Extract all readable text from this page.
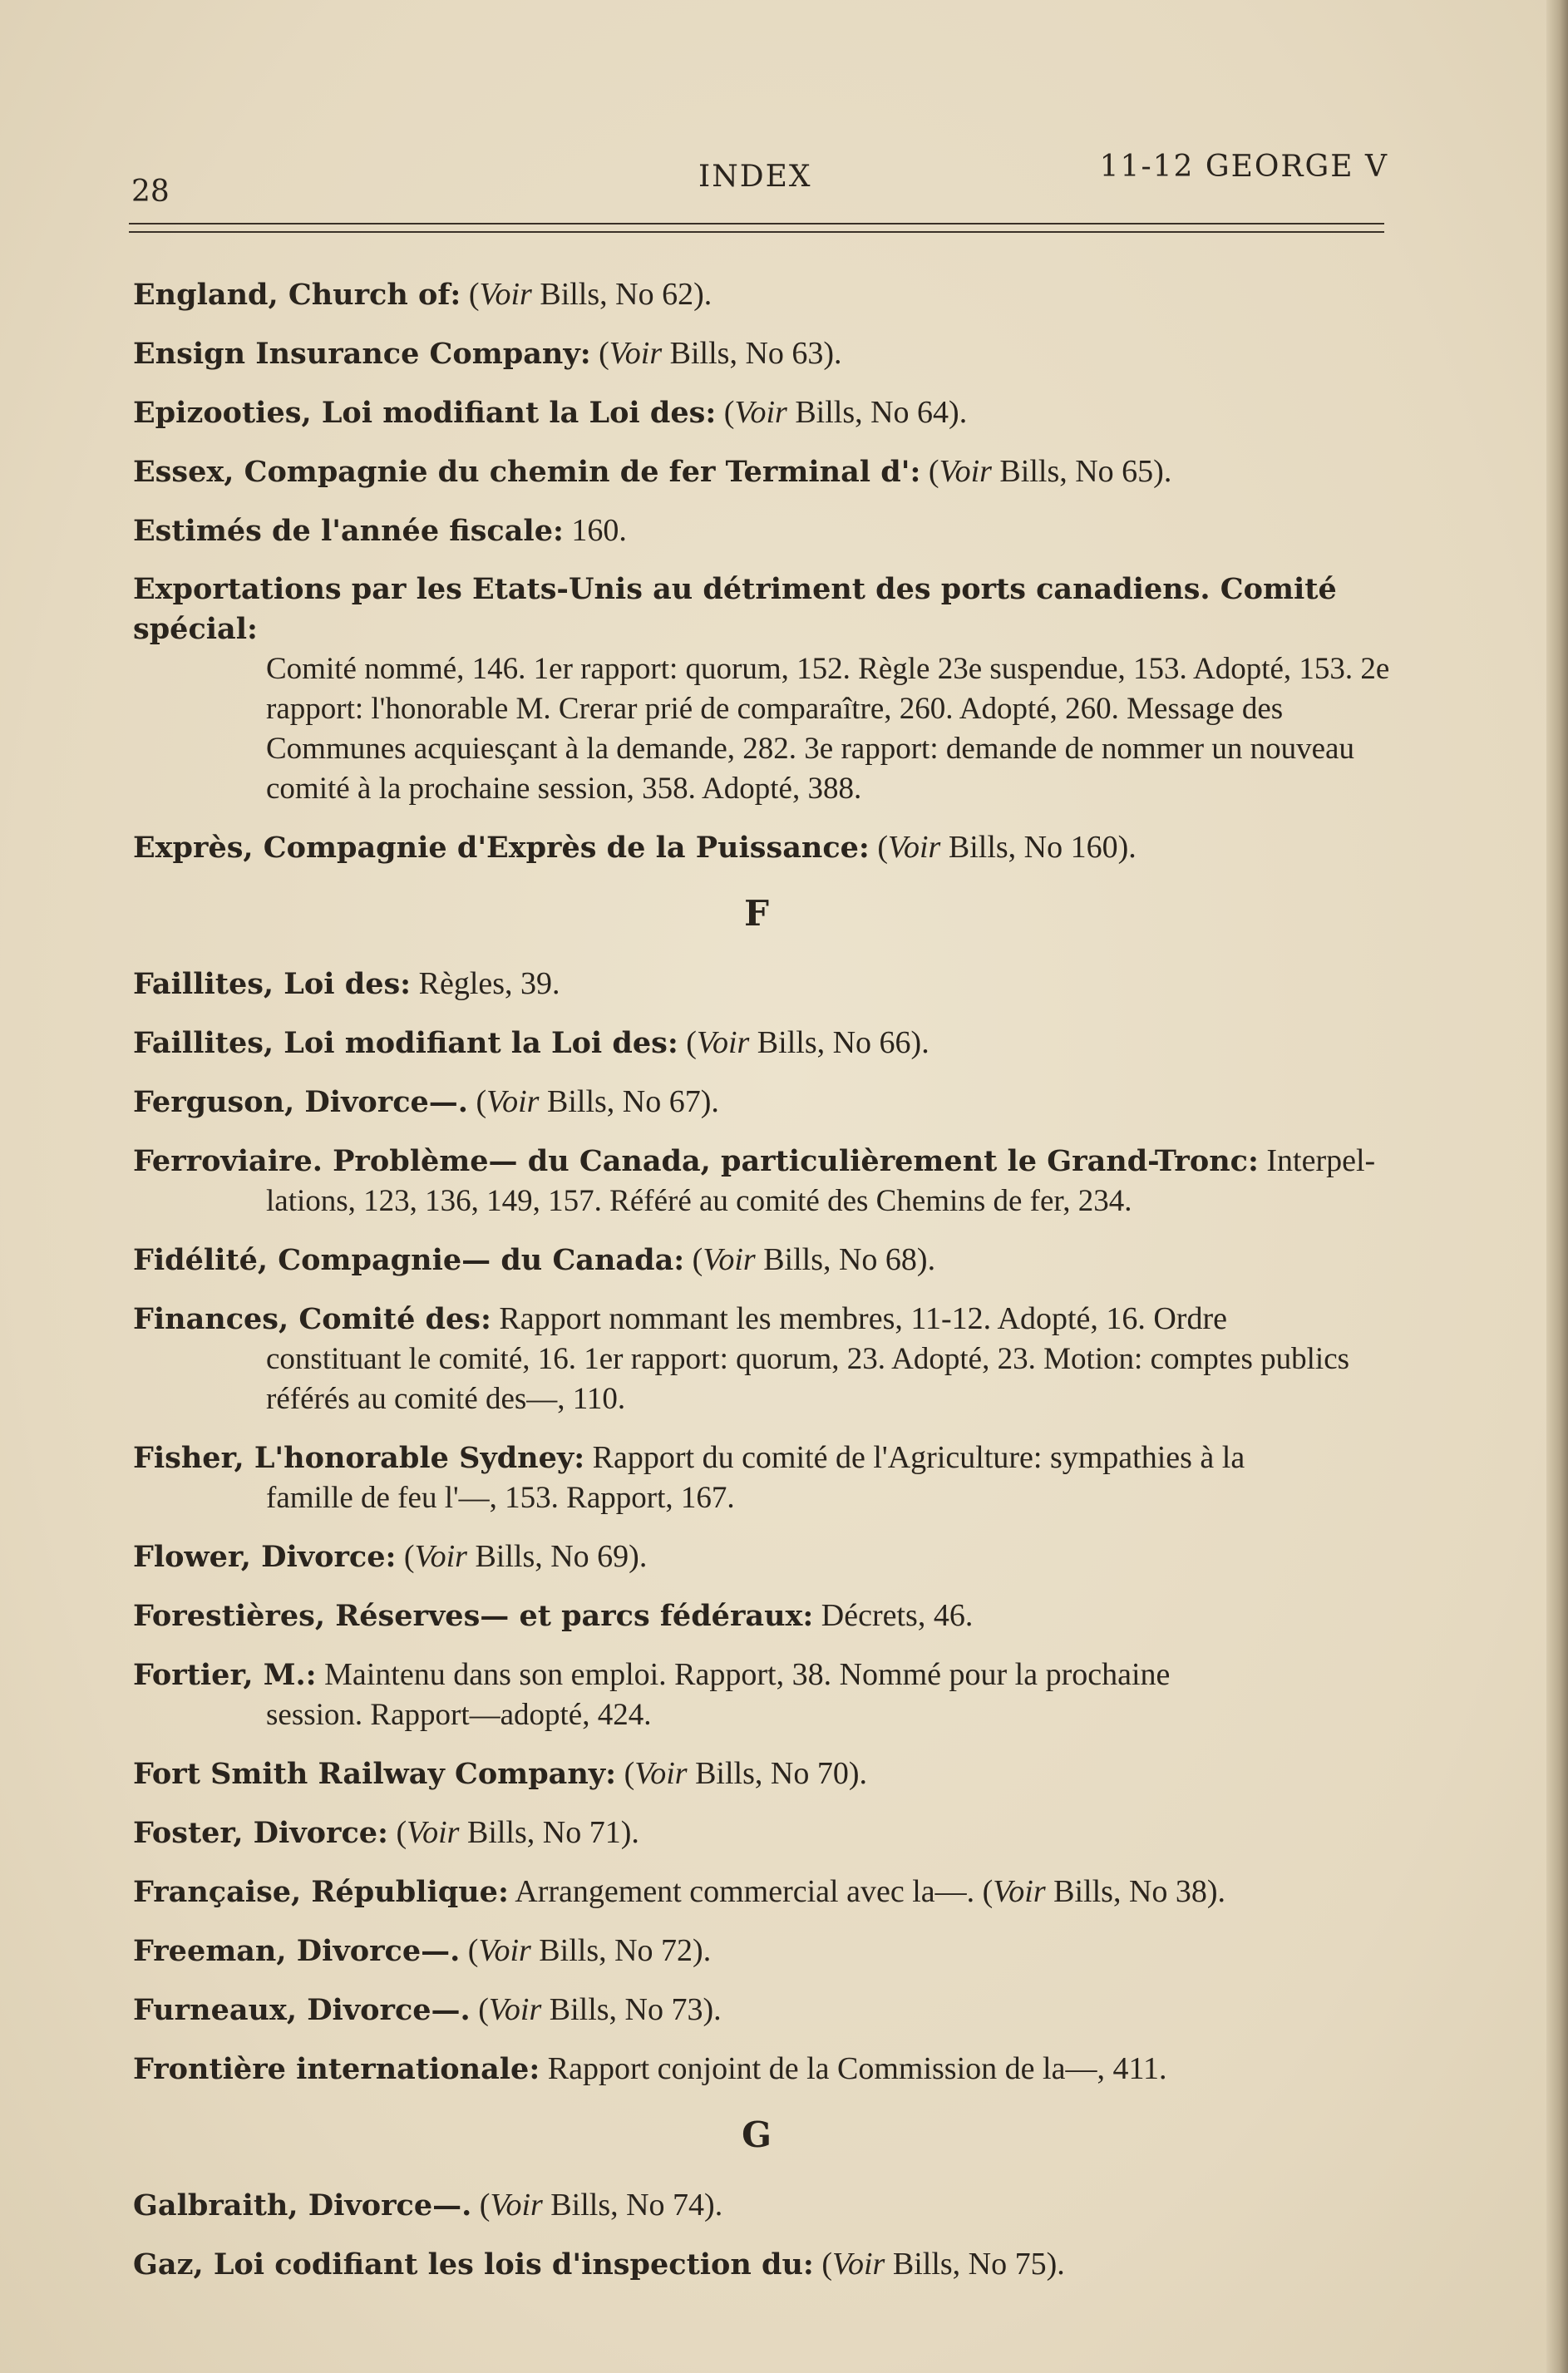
28	INDEX	11-12 GEORGE V
England, Church of: (Voir Bills, No 62).
Ensign Insurance Company: (Voir Bills, No 63).
Epizooties, Loi modifiant la Loi des: (Voir Bills, No 64).
Essex, Compagnie du chemin de fer Terminal d': (Voir Bills, No 65).
Estimés de l'année fiscale: 160.
Exportations par les Etats-Unis au détriment des ports canadiens. Comité spécial:
Comité nommé, 146. 1er rapport: quorum, 152. Règle 23e suspendue, 153. Adopté, 153. 2e rapport: l'honorable M. Crerar prié de comparaître, 260. Adopté, 260. Message des Communes acquiesçant à la demande, 282. 3e rapport: demande de nommer un nouveau comité à la prochaine session, 358. Adopté, 388.
Exprès, Compagnie d'Exprès de la Puissance: (Voir Bills, No 160).
F
Faillites, Loi des: Règles, 39.
Faillites, Loi modifiant la Loi des: (Voir Bills, No 66).
Ferguson, Divorce—. (Voir Bills, No 67).
Ferroviaire. Problème— du Canada, particulièrement le Grand-Tronc: Interpel-
lations, 123, 136, 149, 157. Référé au comité des Chemins de fer, 234.
Fidélité, Compagnie— du Canada: (Voir Bills, No 68).
Finances, Comité des: Rapport nommant les membres, 11-12. Adopté, 16. Ordre
constituant le comité, 16. 1er rapport: quorum, 23. Adopté, 23. Motion: comptes publics référés au comité des—, 110.
Fisher, L'honorable Sydney: Rapport du comité de l'Agriculture: sympathies à la
famille de feu l'—, 153. Rapport, 167.
Flower, Divorce: (Voir Bills, No 69).
Forestières, Réserves— et parcs fédéraux: Décrets, 46.
Fortier, M.: Maintenu dans son emploi. Rapport, 38. Nommé pour la prochaine
session. Rapport—adopté, 424.
Fort Smith Railway Company: (Voir Bills, No 70).
Foster, Divorce: (Voir Bills, No 71).
Française, République: Arrangement commercial avec la—. (Voir Bills, No 38).
Freeman, Divorce—. (Voir Bills, No 72).
Furneaux, Divorce—. (Voir Bills, No 73).
Frontière internationale: Rapport conjoint de la Commission de la—, 411.
G
Galbraith, Divorce—. (Voir Bills, No 74).
Gaz, Loi codifiant les lois d'inspection du: (Voir Bills, No 75).
